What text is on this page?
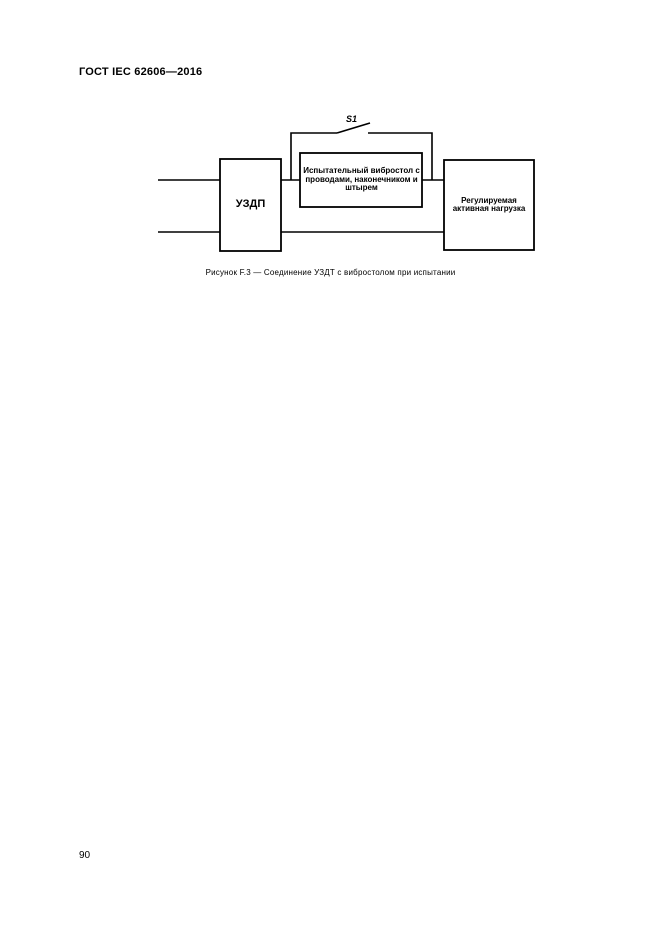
ГОСТ IEC 62606—2016
УЗДП
Испытательный вибростол с проводами, наконечником и штырем
Регулируемая активная нагрузка
S1
Рисунок F.3 — Соединение УЗДТ с вибростолом при испытании
90
